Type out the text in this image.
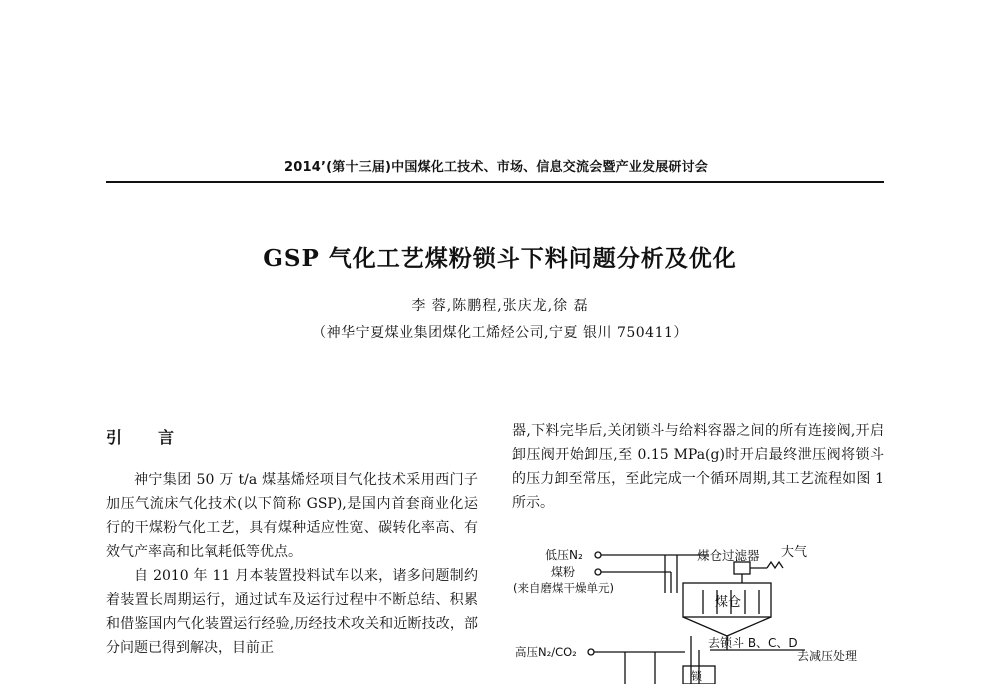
2014’(第十三届)中国煤化工技术、市场、信息交流会暨产业发展研讨会
GSP 气化工艺煤粉锁斗下料问题分析及优化
李 蓉,陈鹏程,张庆龙,徐 磊
（神华宁夏煤业集团煤化工烯烃公司,宁夏 银川 750411）
引 言

神宁集团 50 万 t/a 煤基烯烃项目气化技术采用西门子加压气流床气化技术(以下简称 GSP),是国内首套商业化运行的干煤粉气化工艺，具有煤种适应性宽、碳转化率高、有效气产率高和比氧耗低等优点。

自 2010 年 11 月本装置投料试车以来，诸多问题制约着装置长周期运行，通过试车及运行过程中不断总结、积累和借鉴国内气化装置运行经验,历经技术攻关和近断技改，部分问题已得到解决，目前正

器,下料完毕后,关闭锁斗与给料容器之间的所有连接阀,开启卸压阀开始卸压,至 0.15 MPa(g)时开启最终泄压阀将锁斗的压力卸至常压，至此完成一个循环周期,其工艺流程如图 1 所示。

低压N₂
煤粉
(来自磨煤干燥单元)
煤仓过滤器 大气
煤仓
去锁斗 B、C、D
去减压处理
高压N₂/CO₂
锁
